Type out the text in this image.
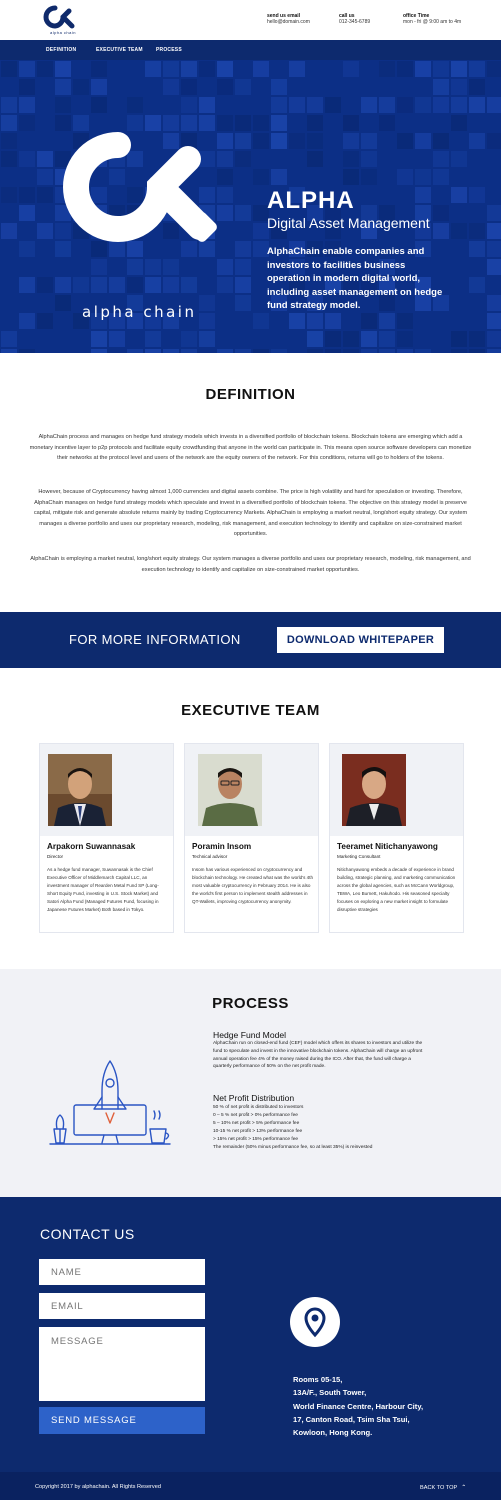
alpha chain
send us email
hello@domain.com
call us
012-345-6789
office Time
mon - fri @ 9:00 am to 4m
DEFINITION	EXECUTIVE TEAM	PROCESS
alpha chain
ALPHA
Digital Asset Management
AlphaChain enable companies and investors to facilities business operation in modern digital world, including asset management on hedge fund strategy model.
DEFINITION
AlphaChain process and manages on hedge fund strategy models which invests in a diversified portfolio of blockchain tokens. Blockchain tokens are emerging which add a monetary incentive layer to p2p protocols and facilitate equity crowdfunding that anyone in the world can participate in. This means open source software developers can monetize their networks at the protocol level and users of the network are the equity owners of the network. For this conditions, returns will go to holders of the tokens.
However, because of Cryptocurrency having almost 1,000 currencies and digital assets combine. The price is high volatility and hard for speculation or investing. Therefore, AlphaChain manages on hedge fund strategy models which speculate and invest in a diversified portfolio of blockchain tokens. The objective on this strategy model is preserve capital, mitigate risk and generate absolute returns mainly by trading Cryptocurrency Markets. AlphaChain is employing a market neutral, long/short equity strategy. Our system manages a diverse portfolio and uses our proprietary research, modeling, risk management, and execution technology to identify and capitalize on size-constrained market opportunities.
AlphaChain is employing a market neutral, long/short equity strategy. Our system manages a diverse portfolio and uses our proprietary research, modeling, risk management, and execution technology to identify and capitalize on size-constrained market opportunities.
FOR MORE INFORMATION	DOWNLOAD WHITEPAPER
EXECUTIVE TEAM
Arpakorn Suwannasak
Director
As a hedge fund manager, Suwannasak is the Chief Executive Officer of Middlemarch Capital LLC, an investment manager of Rearden Metal Fund SP (Long-Short Equity Fund, investing in U.S. Stock Market) and Satori Alpha Fund (Managed Futures Fund, focusing in Japanese Futures Market) Both based in Tokyo.
Poramin Insom
Technical advisor
Insom has various experienced on cryptocurrency and blockchain technology. He created what was the world's 4th most valuable cryptocurrency in February 2014. He is also the world's first person to implement stealth addresses in QT-Wallets, improving cryptocurrency anonymity.
Teeramet Nitichanyawong
Marketing Consultant
Nitichanyawong embeds a decade of experience in brand building, strategic planning, and marketing communication across the global agencies, such as McCann Worldgroup, TBWA, Leo Burnett, Hakuhodo. His seasoned specialty focuses on exploring a new market insight to formulate disruptive strategies
PROCESS
Hedge Fund Model
AlphaChain run on closed-end fund (CEF) model which offers its shares to investors and utilize the fund to speculate and invest in the innovative blockchain tokens. AlphaChain will charge an upfront annual operation fee 4% of the money raised during the ICO. After that, the fund will charge a quarterly performance of 50% on the net profit made.
Net Profit Distribution
50 % of net profit is distributed to investors
0 – 5 % net profit > 0% performance fee
5 – 10% net profit > 5% performance fee
10-15 % net profit > 13% performance fee
> 15% net profit > 15% performance fee
The remainder (50% minus performance fee, so at least 35%) is reinvested
CONTACT US
NAME
EMAIL
MESSAGE
SEND MESSAGE
Rooms 05-15,
13A/F., South Tower,
World Finance Centre, Harbour City,
17, Canton Road, Tsim Sha Tsui,
Kowloon, Hong Kong.
Copyright 2017 by alphachain. All Rights Reserved	BACK TO TOP ⌃
